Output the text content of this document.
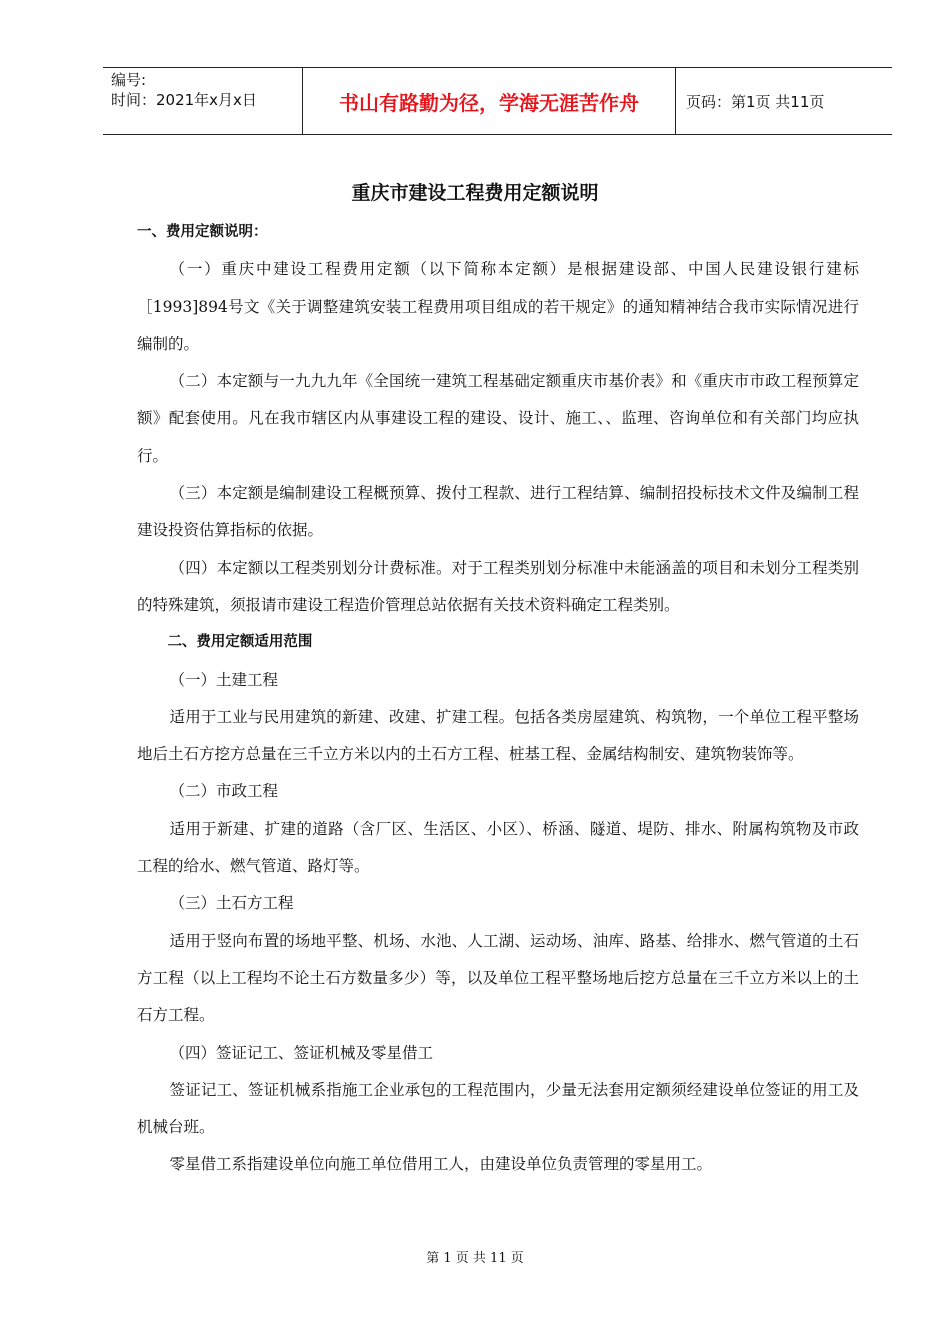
编号:
时间：2021年x月x日	书山有路勤为径，学海无涯苦作舟	页码：第1页 共11页
重庆市建设工程费用定额说明

一、费用定额说明：

（一）重庆中建设工程费用定额（以下简称本定额）是根据建设部、中国人民建设银行建标［1993]894号文《关于调整建筑安装工程费用项目组成的若干规定》的通知精神结合我市实际情况进行编制的。

（二）本定额与一九九九年《全国统一建筑工程基础定额重庆市基价表》和《重庆市市政工程预算定额》配套使用。凡在我市辖区内从事建设工程的建设、设计、施工、、监理、咨询单位和有关部门均应执行。

（三）本定额是编制建设工程概预算、拨付工程款、进行工程结算、编制招投标技术文件及编制工程建设投资估算指标的依据。

（四）本定额以工程类别划分计费标准。对于工程类别划分标准中未能涵盖的项目和未划分工程类别的特殊建筑，须报请市建设工程造价管理总站依据有关技术资料确定工程类别。

二、费用定额适用范围

（一）土建工程

适用于工业与民用建筑的新建、改建、扩建工程。包括各类房屋建筑、构筑物，一个单位工程平整场地后土石方挖方总量在三千立方米以内的土石方工程、桩基工程、金属结构制安、建筑物装饰等。

（二）市政工程

适用于新建、扩建的道路（含厂区、生活区、小区）、桥涵、隧道、堤防、排水、附属构筑物及市政工程的给水、燃气管道、路灯等。

（三）土石方工程

适用于竖向布置的场地平整、机场、水池、人工湖、运动场、油库、路基、给排水、燃气管道的土石方工程（以上工程均不论土石方数量多少）等，以及单位工程平整场地后挖方总量在三千立方米以上的土石方工程。

（四）签证记工、签证机械及零星借工

签证记工、签证机械系指施工企业承包的工程范围内，少量无法套用定额须经建设单位签证的用工及机械台班。

零星借工系指建设单位向施工单位借用工人，由建设单位负责管理的零星用工。

第 1 页 共 11 页
